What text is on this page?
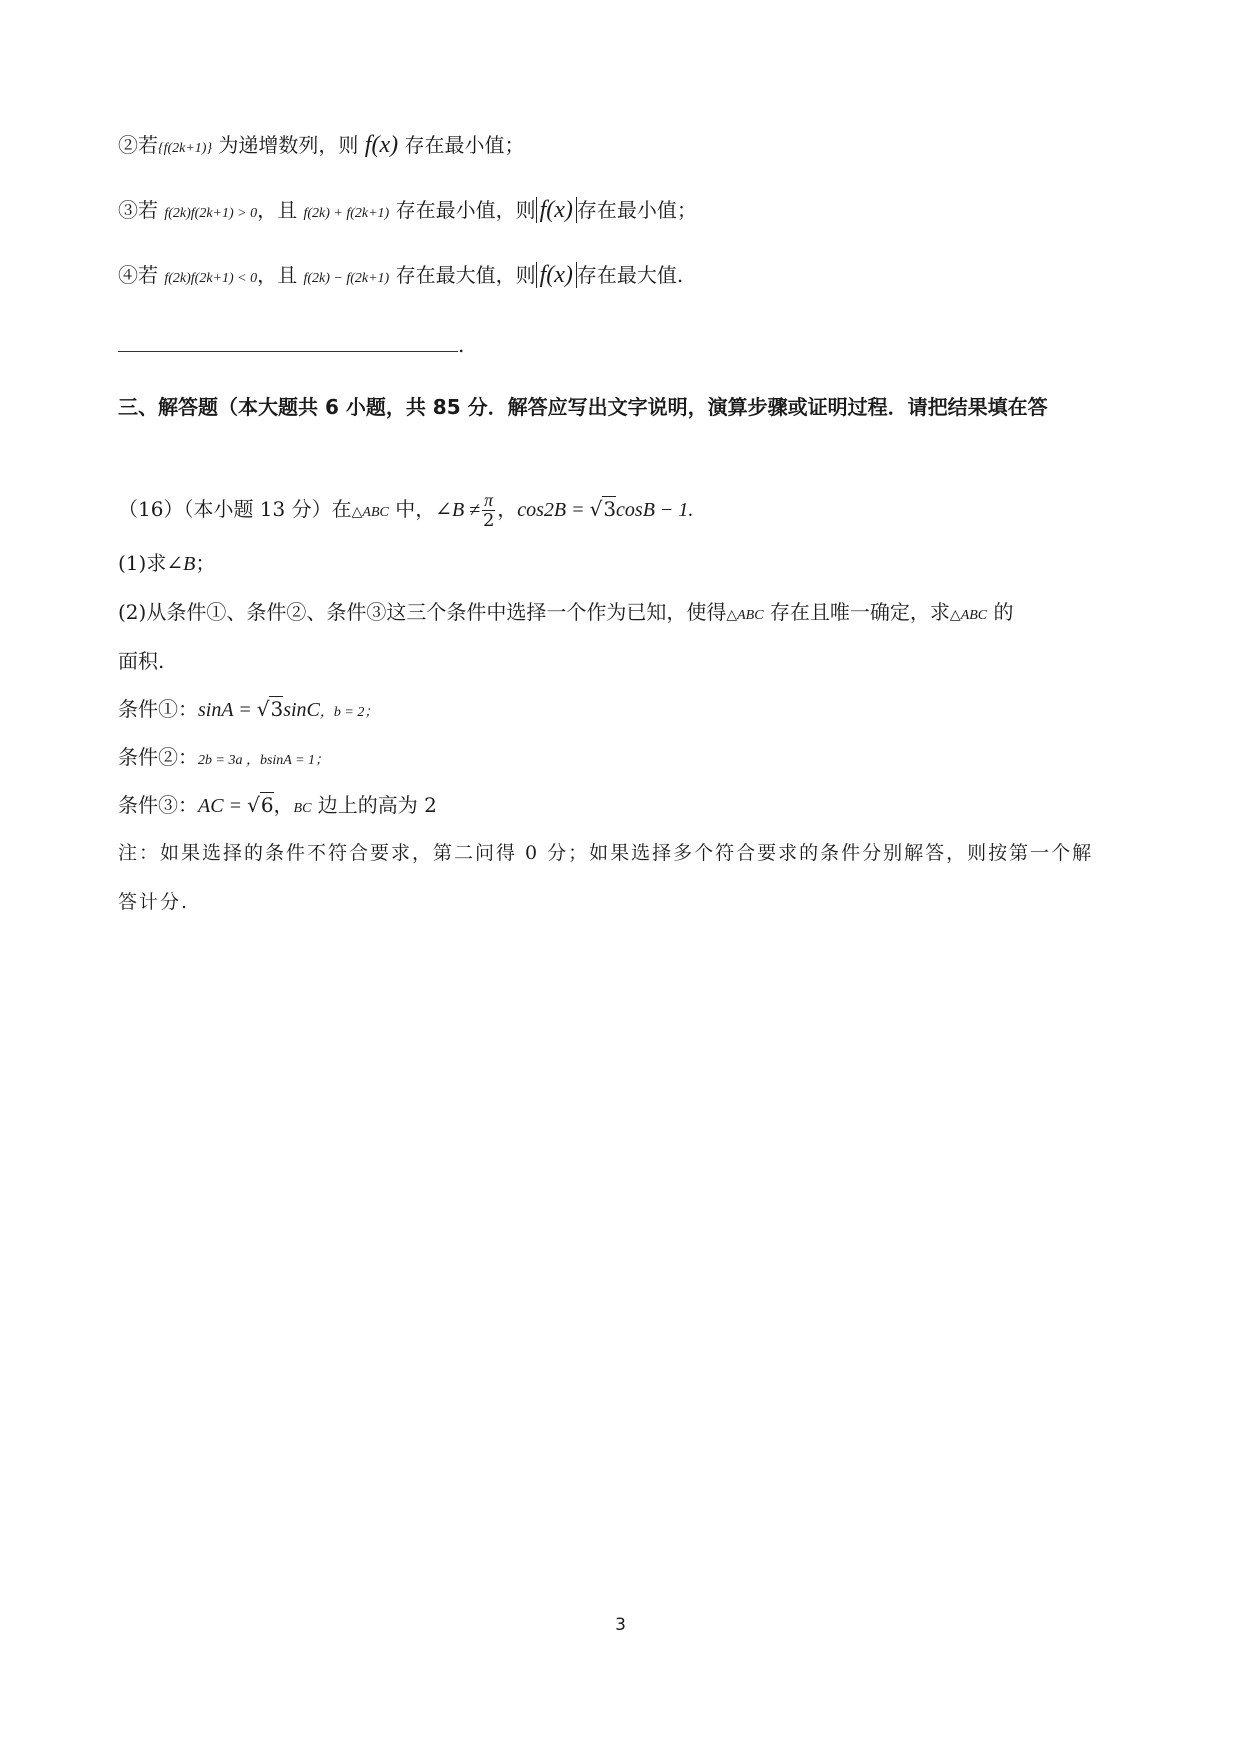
②若{f(2k+1)} 为递增数列，则 f(x) 存在最小值；
③若 f(2k)f(2k+1) > 0，且 f(2k) + f(2k+1) 存在最小值，则 f(x) 存在最小值；
④若 f(2k)f(2k+1) < 0，且 f(2k) − f(2k+1) 存在最大值，则 f(x) 存在最大值.
.
三、解答题（本大题共 6 小题，共 85 分．解答应写出文字说明，演算步骤或证明过程．请把结果填在答
（16）（本小题 13 分）在△ABC 中，∠B ≠ $\frac{\pi}{2}$ ，cos2B = √3cosB − 1.
(1)求∠B；
(2)从条件①、条件②、条件③这三个条件中选择一个作为已知，使得△ABC 存在且唯一确定，求△ABC 的
面积.
条件①：sinA = √3sinC，b = 2；
条件②：2b = 3a ，bsinA = 1；
条件③：AC = √6，BC 边上的高为 2
注：如果选择的条件不符合要求，第二问得 0 分；如果选择多个符合要求的条件分别解答，则按第一个解
答计分.
3
